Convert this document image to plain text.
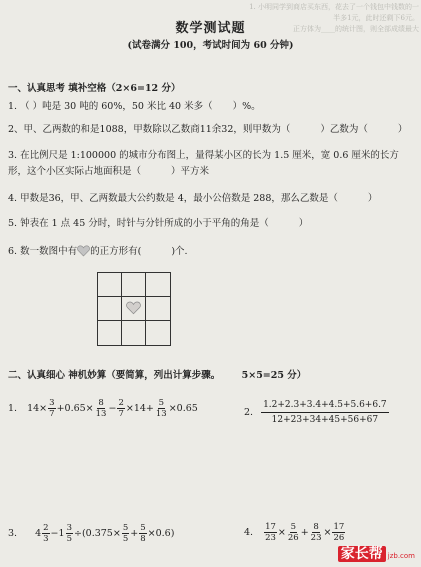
1. 小明同学到商店买东西，花去了一个钱包中钱数的一半多1元，此时还剩下6元。
正方体为____的统计图，则全部成绩最大
数学测试题
(试卷满分 100，考试时间为 60 分钟)
一、认真思考 填补空格（2×6=12 分）
1. （ ）吨是 30 吨的 60%，50 米比 40 米多（ ）%。
2、甲、乙两数的和是1088，甲数除以乙数商11余32，则甲数为（	）乙数为（	）
3. 在比例尺是 1:100000 的城市分布图上，量得某小区的长为 1.5 厘米，宽 0.6 厘米的长方
形，这个小区实际占地面积是（	）平方米
4. 甲数是36，甲、乙两数最大公约数是 4，最小公倍数是 288，那么乙数是（	）
5. 钟表在 1 点 45 分时，时针与分针所成的小于平角的角是（	）
6. 数一数图中有 的正方形有(	)个.
二、认真细心 神机妙算（要简算，列出计算步骤。 5×5=25 分）
1. $14\times \frac{3}{7} +0.65\times \frac{8}{13} - \frac{2}{7} \times 14+ \frac{5}{13} \times 0.65$	2. $\frac{1.2+2.3+3.4+4.5+5.6+6.7}{12+23+34+45+56+67}$
3. $4 \frac{2}{3} -1 \frac{3}{5} \div(0.375\times \frac{5}{5} + \frac{5}{8} \times 0.6)$	4. $\frac{17}{23} \times \frac{5}{26} + \frac{8}{23} \times \frac{17}{26}$
家长帮 jzb.com
